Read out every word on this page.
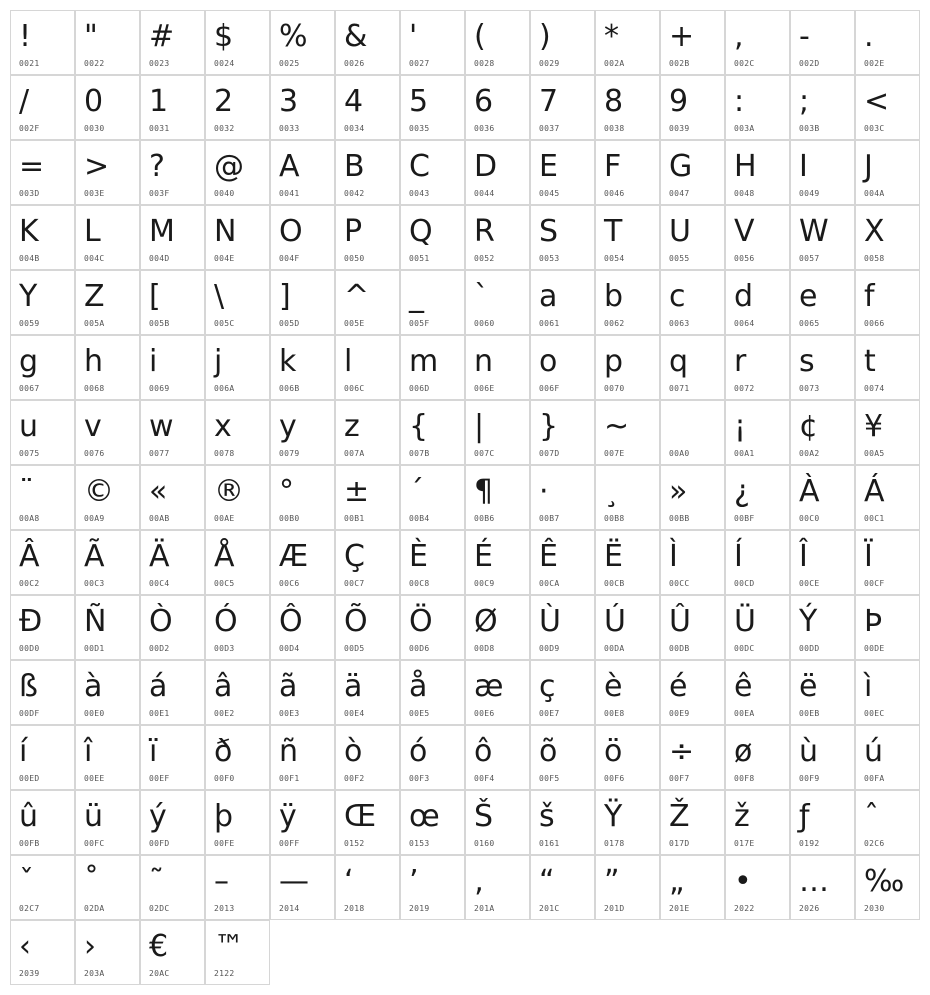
!
0021
"
0022
#
0023
$
0024
%
0025
&
0026
'
0027
(
0028
)
0029
*
002A
+
002B
,
002C
-
002D
.
002E
/
002F
0
0030
1
0031
2
0032
3
0033
4
0034
5
0035
6
0036
7
0037
8
0038
9
0039
:
003A
;
003B
<
003C
=
003D
>
003E
?
003F
@
0040
A
0041
B
0042
C
0043
D
0044
E
0045
F
0046
G
0047
H
0048
I
0049
J
004A
K
004B
L
004C
M
004D
N
004E
O
004F
P
0050
Q
0051
R
0052
S
0053
T
0054
U
0055
V
0056
W
0057
X
0058
Y
0059
Z
005A
[
005B
\
005C
]
005D
^
005E
_
005F
`
0060
a
0061
b
0062
c
0063
d
0064
e
0065
f
0066
g
0067
h
0068
i
0069
j
006A
k
006B
l
006C
m
006D
n
006E
o
006F
p
0070
q
0071
r
0072
s
0073
t
0074
u
0075
v
0076
w
0077
x
0078
y
0079
z
007A
{
007B
|
007C
}
007D
~
007E	00A0
¡
00A1
¢
00A2
¥
00A5
¨
00A8
©
00A9
«
00AB
®
00AE
°
00B0
±
00B1
´
00B4
¶
00B6
·
00B7
¸
00B8
»
00BB
¿
00BF
À
00C0
Á
00C1
Â
00C2
Ã
00C3
Ä
00C4
Å
00C5
Æ
00C6
Ç
00C7
È
00C8
É
00C9
Ê
00CA
Ë
00CB
Ì
00CC
Í
00CD
Î
00CE
Ï
00CF
Ð
00D0
Ñ
00D1
Ò
00D2
Ó
00D3
Ô
00D4
Õ
00D5
Ö
00D6
Ø
00D8
Ù
00D9
Ú
00DA
Û
00DB
Ü
00DC
Ý
00DD
Þ
00DE
ß
00DF
à
00E0
á
00E1
â
00E2
ã
00E3
ä
00E4
å
00E5
æ
00E6
ç
00E7
è
00E8
é
00E9
ê
00EA
ë
00EB
ì
00EC
í
00ED
î
00EE
ï
00EF
ð
00F0
ñ
00F1
ò
00F2
ó
00F3
ô
00F4
õ
00F5
ö
00F6
÷
00F7
ø
00F8
ù
00F9
ú
00FA
û
00FB
ü
00FC
ý
00FD
þ
00FE
ÿ
00FF
Œ
0152
œ
0153
Š
0160
š
0161
Ÿ
0178
Ž
017D
ž
017E
ƒ
0192
ˆ
02C6
ˇ
02C7
˚
02DA
˜
02DC
–
2013
—
2014
‘
2018
’
2019
‚
201A
“
201C
”
201D
„
201E
•
2022
…
2026
‰
2030
‹
2039
›
203A
€
20AC
™
2122
